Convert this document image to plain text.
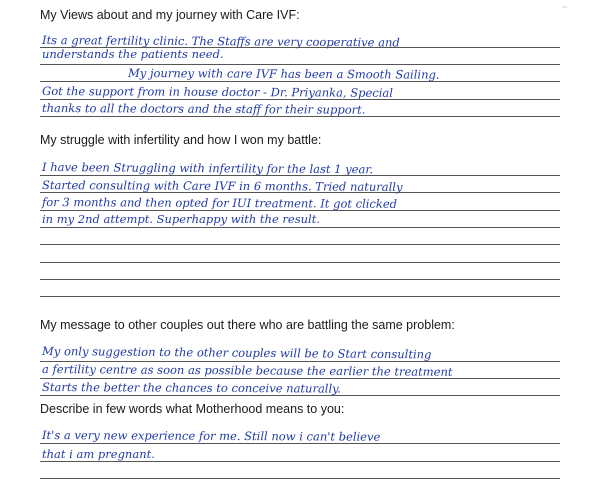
~
My Views about and my journey with Care IVF:
Its a great fertility clinic. The Staffs are very cooperative and
understands the patients need.
My journey with care IVF has been a Smooth Sailing.
Got the support from in house doctor - Dr. Priyanka, Special
thanks to all the doctors and the staff for their support.
My struggle with infertility and how I won my battle:
I have been Struggling with infertility for the last 1 year.
Started consulting with Care IVF in 6 months. Tried naturally
for 3 months and then opted for IUI treatment. It got clicked
in my 2nd attempt. Superhappy with the result.
My message to other couples out there who are battling the same problem:
My only suggestion to the other couples will be to Start consulting
a fertility centre as soon as possible because the earlier the treatment
Starts the better the chances to conceive naturally.
Describe in few words what Motherhood means to you:
It's a very new experience for me. Still now i can't believe
that i am pregnant.
